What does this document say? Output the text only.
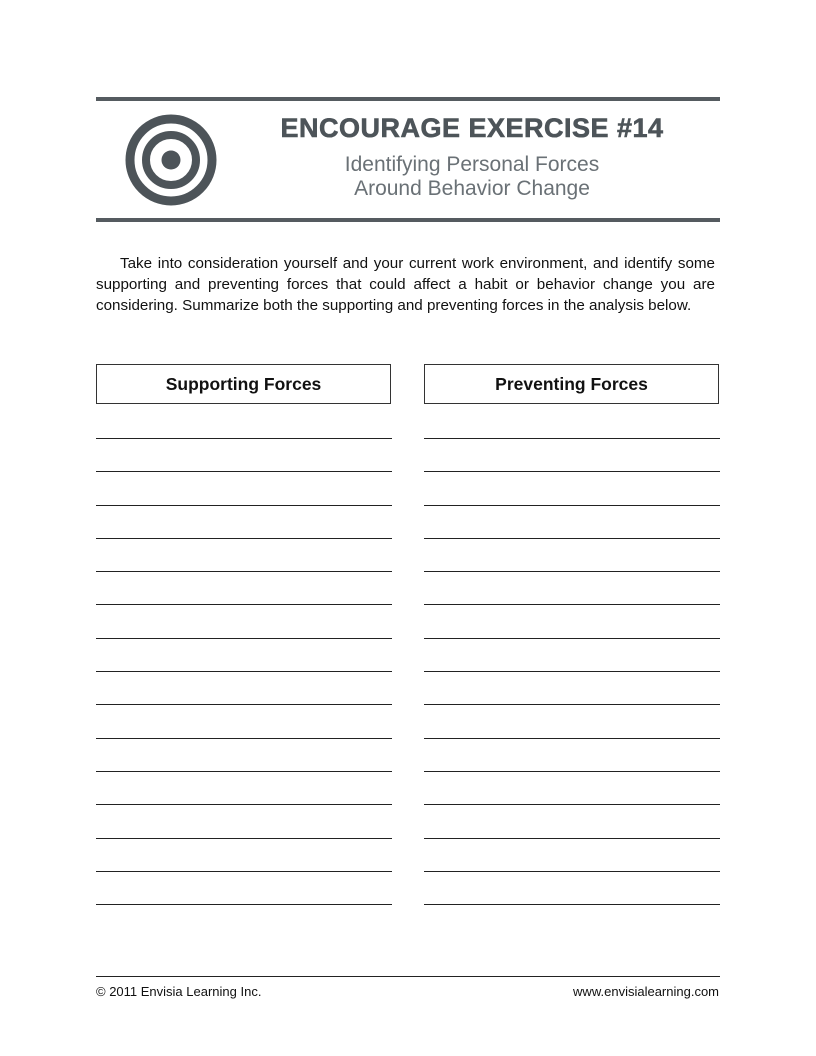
ENCOURAGE EXERCISE #14
Identifying Personal Forces
Around Behavior Change

Take into consideration yourself and your current work environment, and identify some supporting and preventing forces that could affect a habit or behavior change you are considering. Summarize both the supporting and preventing forces in the analysis below.

Supporting Forces	Preventing Forces
© 2011 Envisia Learning Inc.	www.envisialearning.com
